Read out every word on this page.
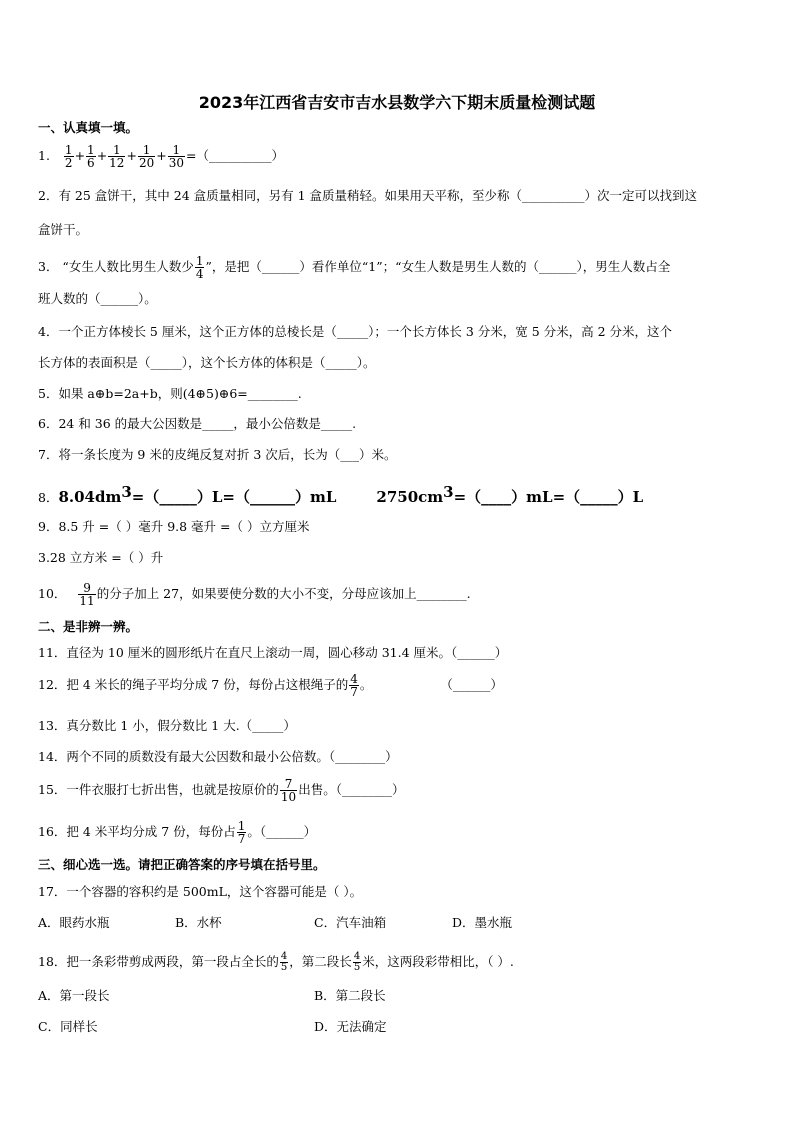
2023年江西省吉安市吉水县数学六下期末质量检测试题
一、认真填一填。
1. $\frac{1}{2} + \frac{1}{6} + \frac{1}{12} + \frac{1}{20} + \frac{1}{30}$ =（__________）
2．有 25 盒饼干，其中 24 盒质量相同，另有 1 盒质量稍轻。如果用天平称，至少称（__________）次一定可以找到这
盒饼干。
3． “女生人数比男生人数少 $\frac{1}{4}$ ”，是把（______）看作单位“1”；“女生人数是男生人数的（______），男生人数占全
班人数的（______）。
4．一个正方体棱长 5 厘米，这个正方体的总棱长是（_____）；一个长方体长 3 分米，宽 5 分米，高 2 分米，这个
长方体的表面积是（_____），这个长方体的体积是（_____）。
5．如果 a⊕b=2a+b，则(4⊕5)⊕6=________.
6．24 和 36 的最大公因数是_____，最小公倍数是_____.
7．将一条长度为 9 米的皮绳反复对折 3 次后，长为（___）米。
8．$8.04dm^3=(\_\_\_\_\_)L=(\_\_\_\_\_\_)mL$	$2750cm^3=(\_\_\_\_)mL=(\_\_\_\_\_)L$
9．8.5 升 =（ ）毫升 9.8 毫升 =（ ）立方厘米
3.28 立方米 =（ ）升
10． $\frac{9}{11}$ 的分子加上 27，如果要使分数的大小不变，分母应该加上________.
二、是非辨一辨。
11．直径为 10 厘米的圆形纸片在直尺上滚动一周，圆心移动 31.4 厘米。（______）
12．把 4 米长的绳子平均分成 7 份，每份占这根绳子的 $\frac{4}{7}$ 。	（______）
13．真分数比 1 小，假分数比 1 大.（_____）
14．两个不同的质数没有最大公因数和最小公倍数。（________）
15．一件衣服打七折出售，也就是按原价的 $\frac{7}{10}$ 出售。（________）
16．把 4 米平均分成 7 份，每份占 $\frac{1}{7}$ 。（______）
三、细心选一选。请把正确答案的序号填在括号里。
17．一个容器的容积约是 500mL，这个容器可能是（ ）。
A．眼药水瓶	B．水杯	C．汽车油箱	D．墨水瓶
18．把一条彩带剪成两段，第一段占全长的 $\frac{4}{5}$ ，第二段长 $\frac{4}{5}$ 米，这两段彩带相比，（ ）.
A．第一段长	B．第二段长
C．同样长	D．无法确定
